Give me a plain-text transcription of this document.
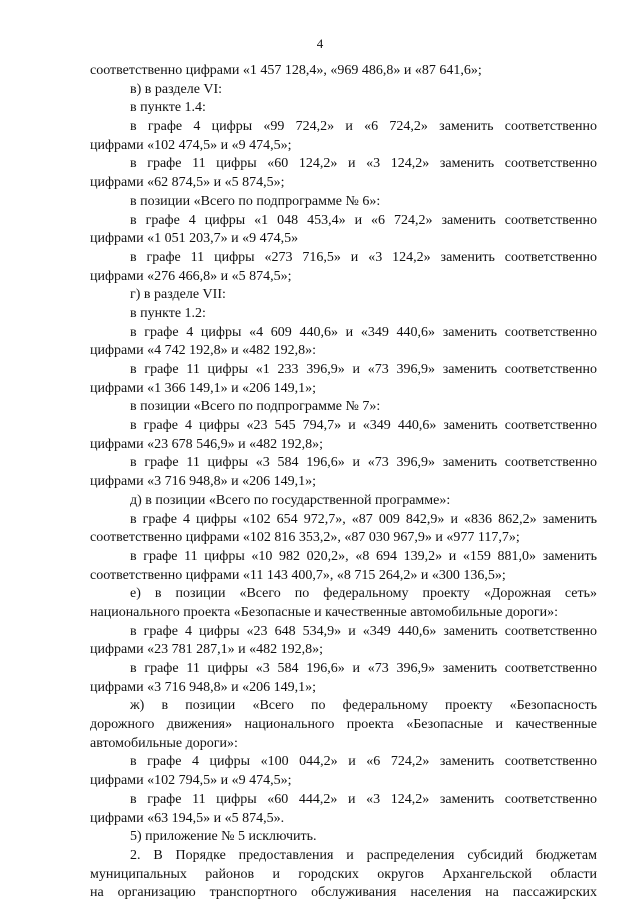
4
соответственно цифрами «1 457 128,4», «969 486,8» и «87 641,6»;
в) в разделе VI:
в пункте 1.4:
в графе 4 цифры «99 724,2» и «6 724,2» заменить соответственно
цифрами «102 474,5» и «9 474,5»;
в графе 11 цифры «60 124,2» и «3 124,2» заменить соответственно
цифрами «62 874,5» и «5 874,5»;
в позиции «Всего по подпрограмме № 6»:
в графе 4 цифры «1 048 453,4» и «6 724,2» заменить соответственно
цифрами «1 051 203,7» и «9 474,5»
в графе 11 цифры «273 716,5» и «3 124,2» заменить соответственно
цифрами «276 466,8» и «5 874,5»;
г) в разделе VII:
в пункте 1.2:
в графе 4 цифры «4 609 440,6» и «349 440,6» заменить соответственно
цифрами «4 742 192,8» и «482 192,8»:
в графе 11 цифры «1 233 396,9» и «73 396,9» заменить соответственно
цифрами «1 366 149,1» и «206 149,1»;
в позиции «Всего по подпрограмме № 7»:
в графе 4 цифры «23 545 794,7» и «349 440,6» заменить соответственно
цифрами «23 678 546,9» и «482 192,8»;
в графе 11 цифры «3 584 196,6» и «73 396,9» заменить соответственно
цифрами «3 716 948,8» и «206 149,1»;
д) в позиции «Всего по государственной программе»:
в графе 4 цифры «102 654 972,7», «87 009 842,9» и «836 862,2» заменить
соответственно цифрами «102 816 353,2», «87 030 967,9» и «977 117,7»;
в графе 11 цифры «10 982 020,2», «8 694 139,2» и «159 881,0» заменить
соответственно цифрами «11 143 400,7», «8 715 264,2» и «300 136,5»;
е) в позиции «Всего по федеральному проекту «Дорожная сеть»
национального проекта «Безопасные и качественные автомобильные дороги»:
в графе 4 цифры «23 648 534,9» и «349 440,6» заменить соответственно
цифрами «23 781 287,1» и «482 192,8»;
в графе 11 цифры «3 584 196,6» и «73 396,9» заменить соответственно
цифрами «3 716 948,8» и «206 149,1»;
ж) в позиции «Всего по федеральному проекту «Безопасность
дорожного движения» национального проекта «Безопасные и качественные
автомобильные дороги»:
в графе 4 цифры «100 044,2» и «6 724,2» заменить соответственно
цифрами «102 794,5» и «9 474,5»;
в графе 11 цифры «60 444,2» и «3 124,2» заменить соответственно
цифрами «63 194,5» и «5 874,5».
5) приложение № 5 исключить.
2. В Порядке предоставления и распределения субсидий бюджетам
муниципальных районов и городских округов Архангельской области
на организацию транспортного обслуживания населения на пассажирских
